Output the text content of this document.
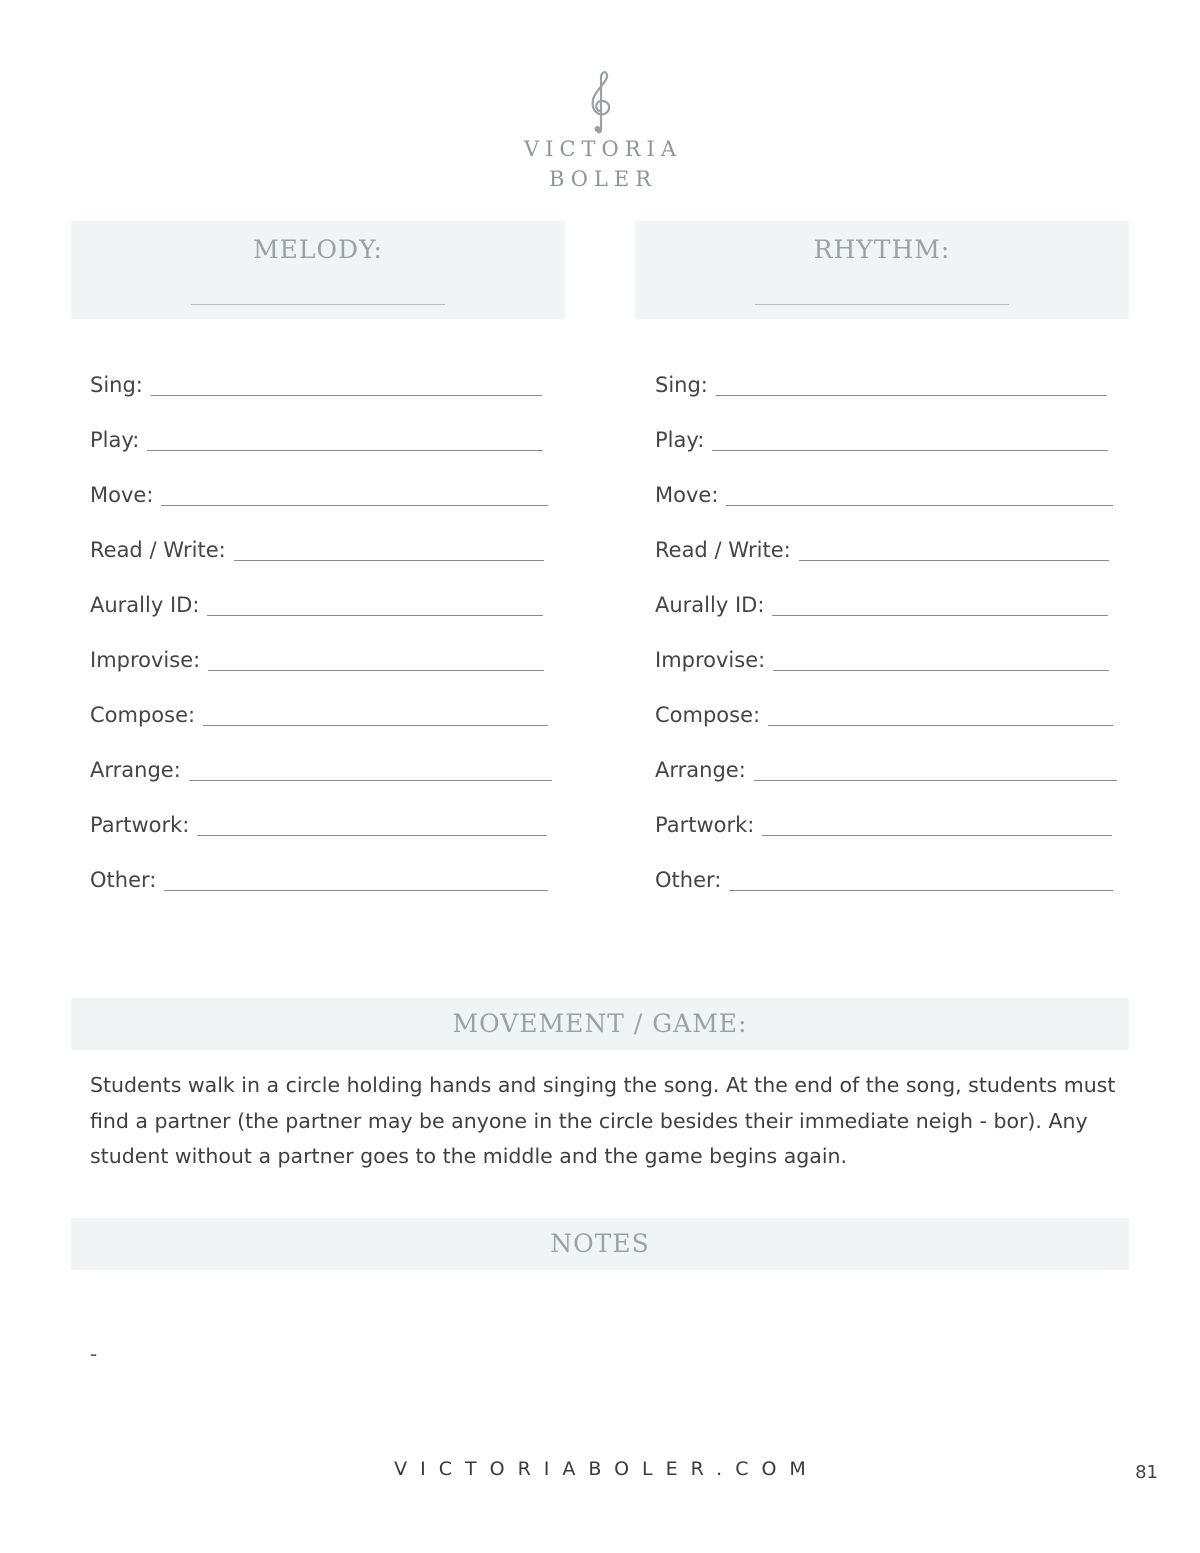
VICTORIA
BOLER
MELODY:	RHYTHM:
Sing:
Play:
Move:
Read / Write:
Aurally ID:
Improvise:
Compose:
Arrange:
Partwork:
Other:
Sing:
Play:
Move:
Read / Write:
Aurally ID:
Improvise:
Compose:
Arrange:
Partwork:
Other:
MOVEMENT / GAME:

Students walk in a circle holding hands and singing the song. At the end of the song, students must find a partner (the partner may be anyone in the circle besides their immediate neigh - bor). Any student without a partner goes to the middle and the game begins again.

NOTES
-
VICTORIABOLER.COM	81
